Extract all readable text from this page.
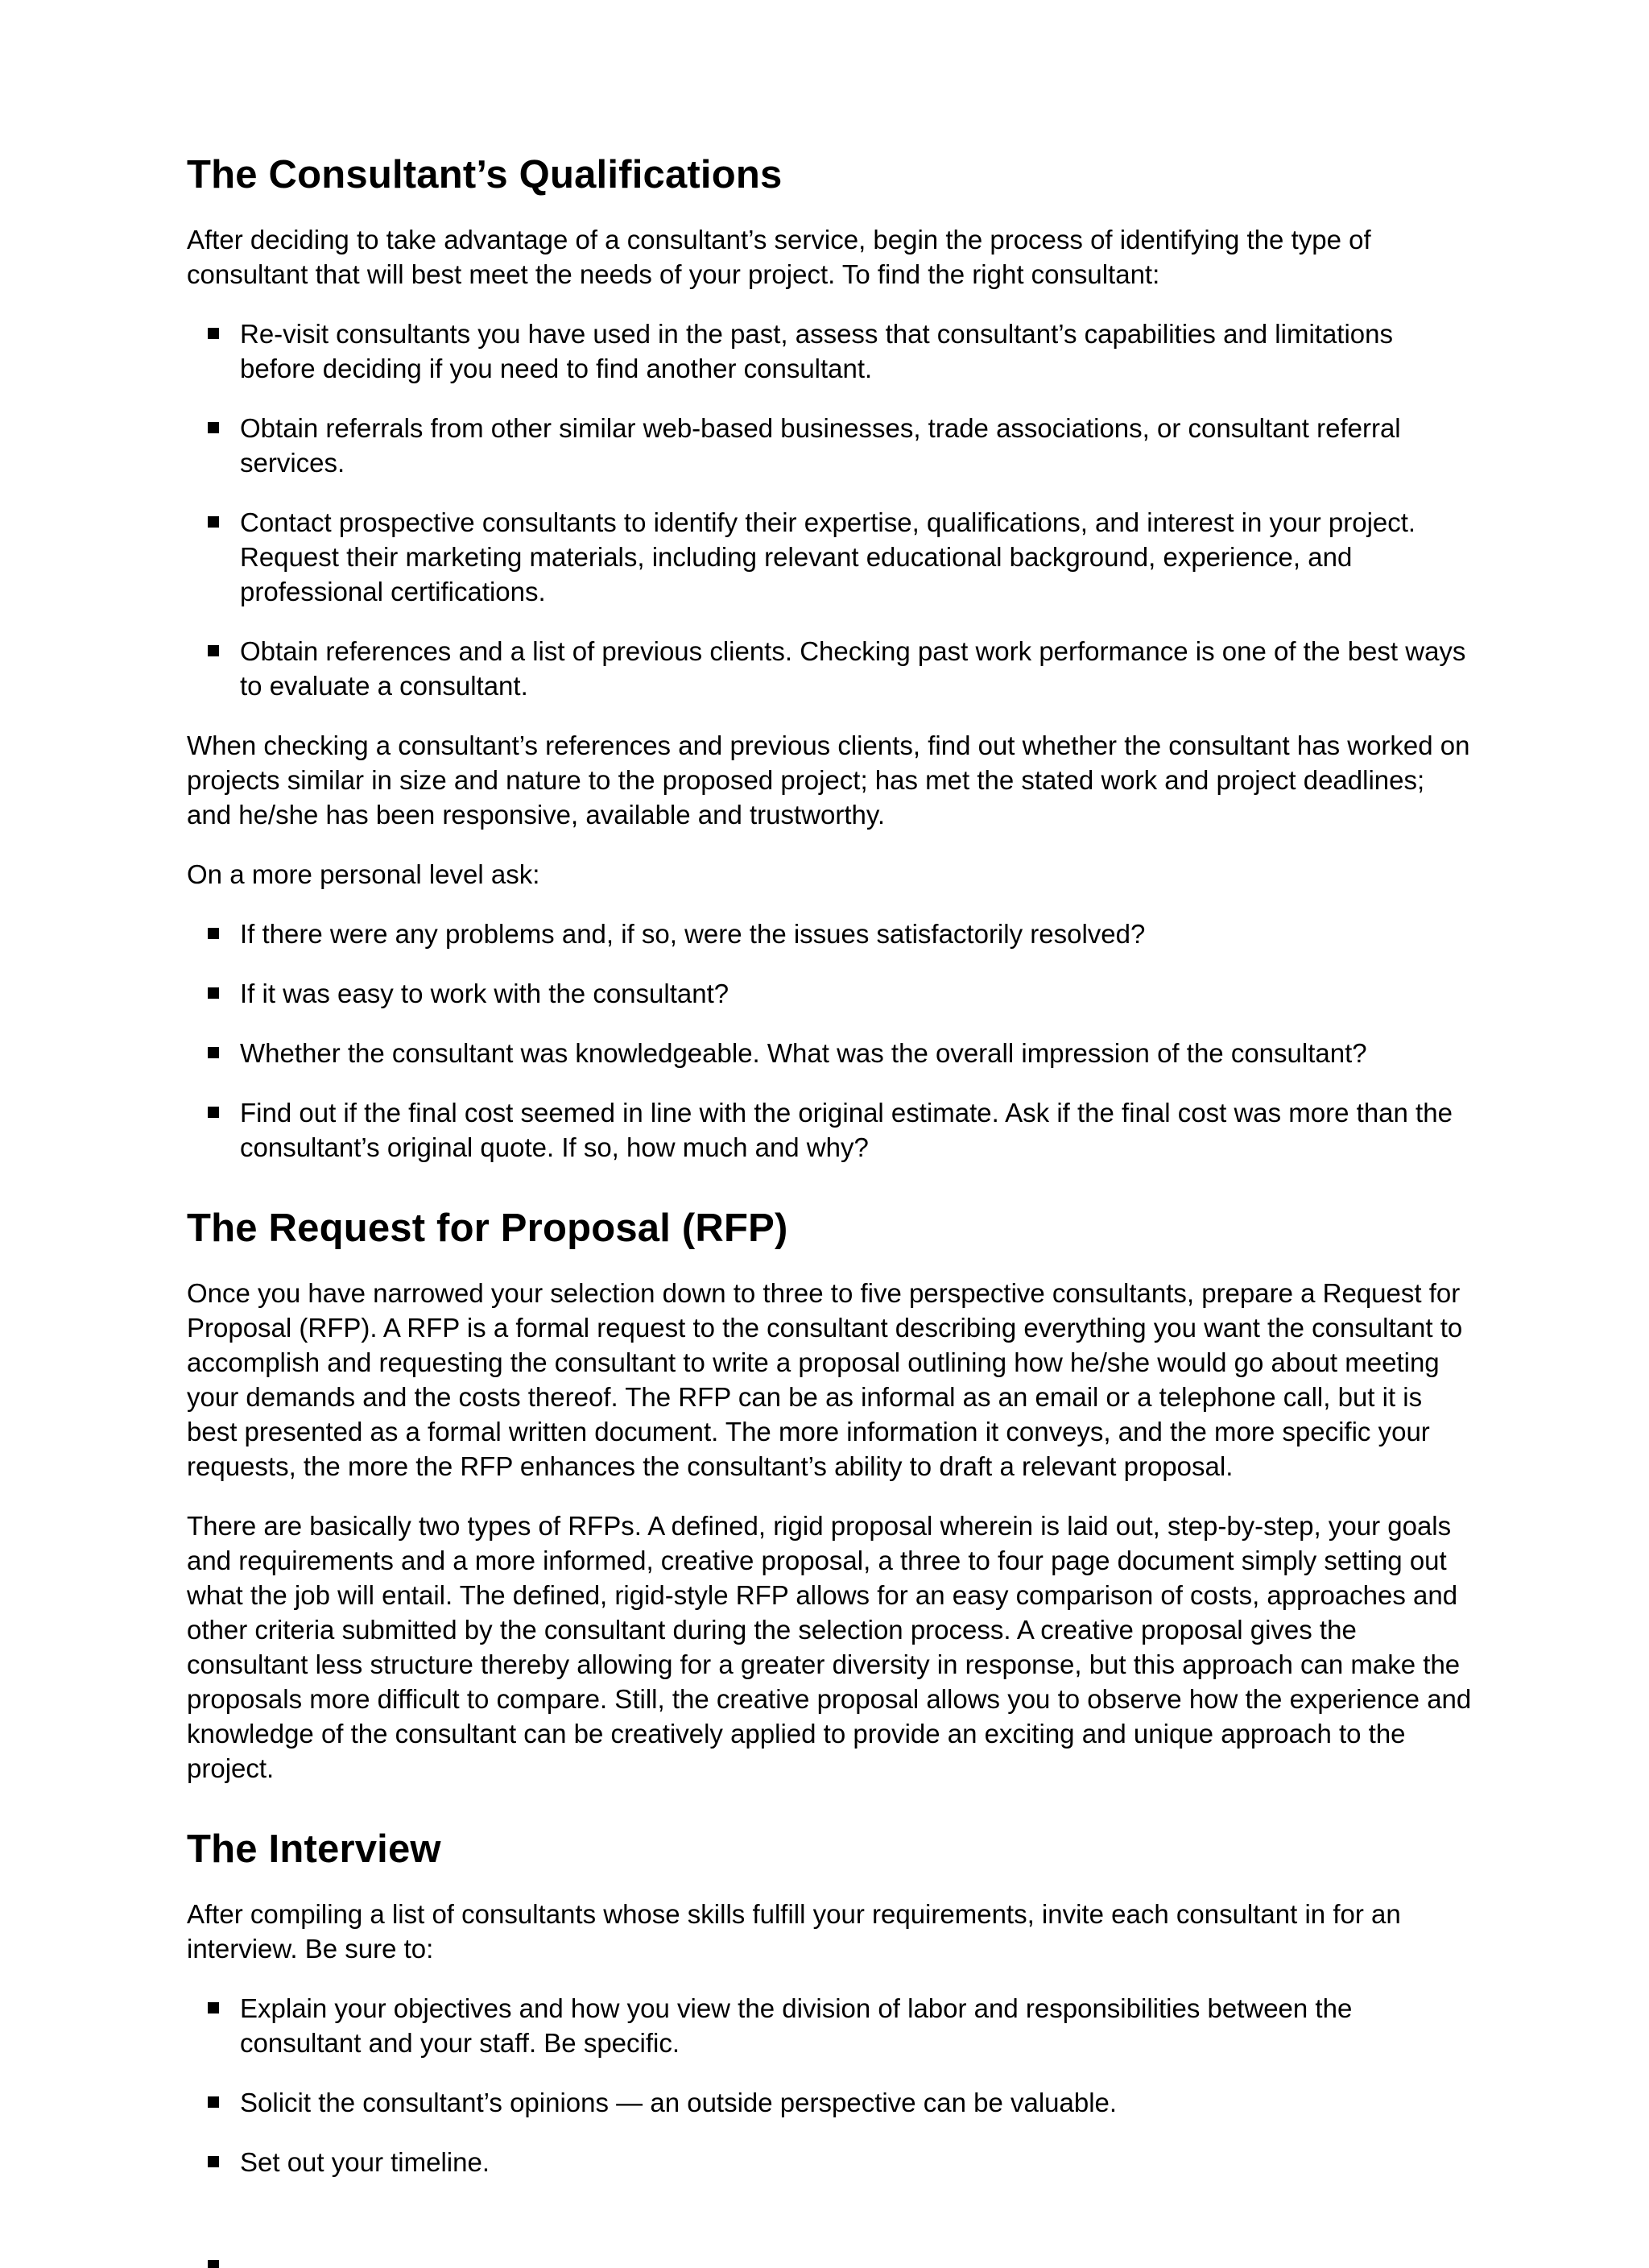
The Consultant’s Qualifications

After deciding to take advantage of a consultant’s service, begin the process of identifying the type of consultant that will best meet the needs of your project. To find the right consultant:

Re-visit consultants you have used in the past, assess that consultant’s capabilities and limitations before deciding if you need to find another consultant.
Obtain referrals from other similar web-based businesses, trade associations, or consultant referral services.
Contact prospective consultants to identify their expertise, qualifications, and interest in your project. Request their marketing materials, including relevant educational background, experience, and professional certifications.
Obtain references and a list of previous clients. Checking past work performance is one of the best ways to evaluate a consultant.

When checking a consultant’s references and previous clients, find out whether the consultant has worked on projects similar in size and nature to the proposed project; has met the stated work and project deadlines; and he/she has been responsive, available and trustworthy.

On a more personal level ask:

If there were any problems and, if so, were the issues satisfactorily resolved?
If it was easy to work with the consultant?
Whether the consultant was knowledgeable. What was the overall impression of the consultant?
Find out if the final cost seemed in line with the original estimate. Ask if the final cost was more than the consultant’s original quote. If so, how much and why?
The Request for Proposal (RFP)

Once you have narrowed your selection down to three to five perspective consultants, prepare a Request for Proposal (RFP). A RFP is a formal request to the consultant describing everything you want the consultant to accomplish and requesting the consultant to write a proposal outlining how he/she would go about meeting your demands and the costs thereof. The RFP can be as informal as an email or a telephone call, but it is best presented as a formal written document. The more information it conveys, and the more specific your requests, the more the RFP enhances the consultant’s ability to draft a relevant proposal.

There are basically two types of RFPs. A defined, rigid proposal wherein is laid out, step-by-step, your goals and requirements and a more informed, creative proposal, a three to four page document simply setting out what the job will entail. The defined, rigid-style RFP allows for an easy comparison of costs, approaches and other criteria submitted by the consultant during the selection process. A creative proposal gives the consultant less structure thereby allowing for a greater diversity in response, but this approach can make the proposals more difficult to compare. Still, the creative proposal allows you to observe how the experience and knowledge of the consultant can be creatively applied to provide an exciting and unique approach to the project.

The Interview

After compiling a list of consultants whose skills fulfill your requirements, invite each consultant in for an interview. Be sure to:

Explain your objectives and how you view the division of labor and responsibilities between the consultant and your staff. Be specific.
Solicit the consultant’s opinions — an outside perspective can be valuable.
Set out your timeline.
